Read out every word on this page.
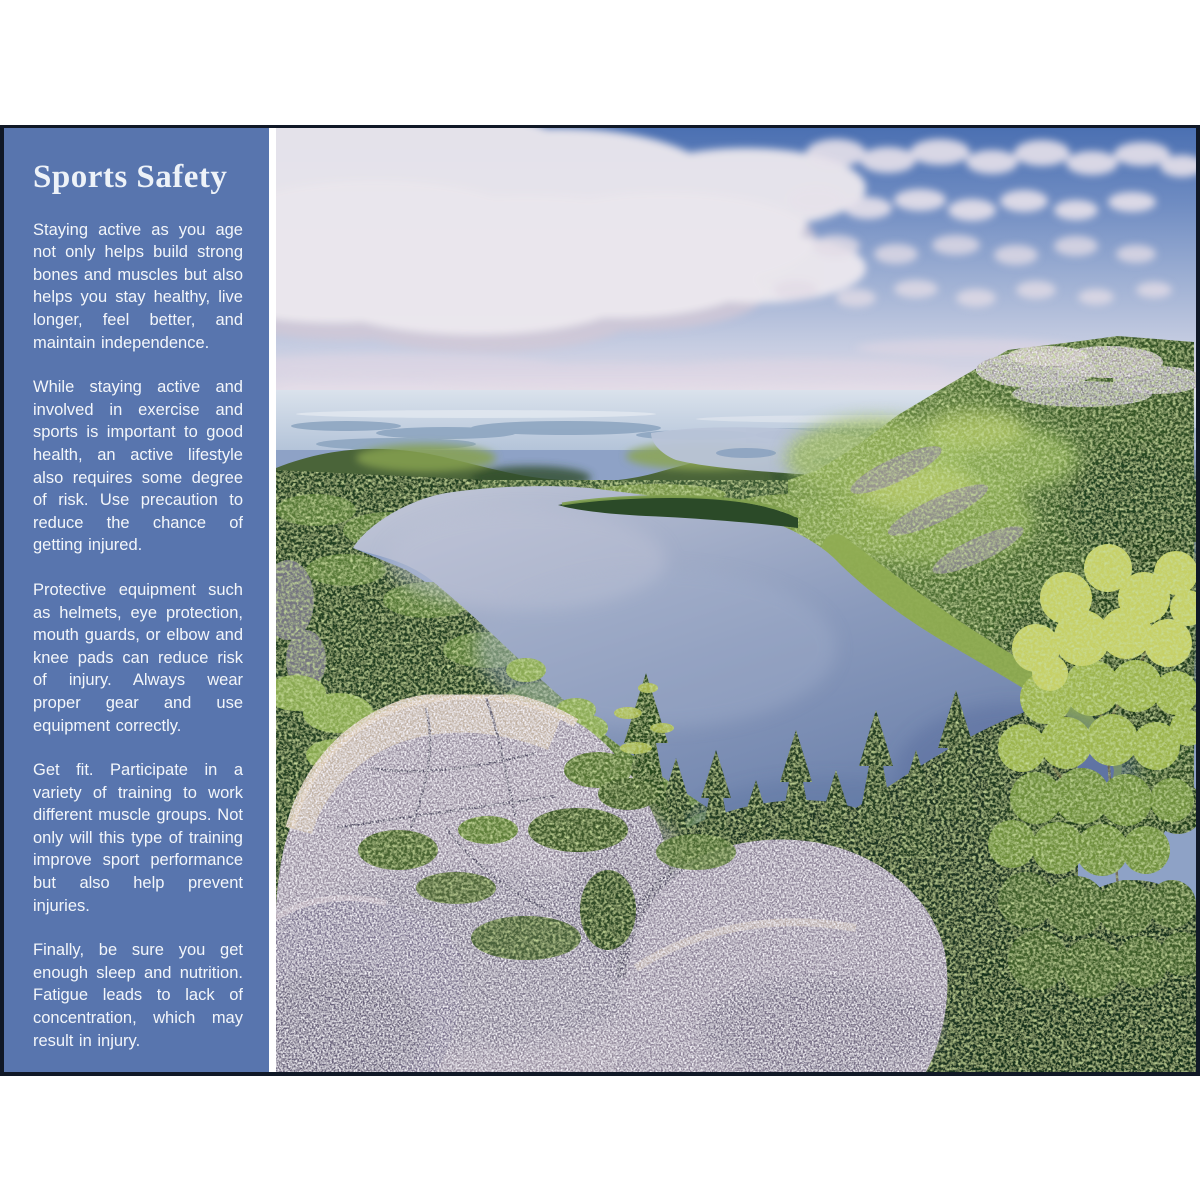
Sports Safety

Staying active as you age not only helps build strong bones and muscles but also helps you stay healthy, live longer, feel better, and maintain independence.

While staying active and involved in exercise and sports is important to good health, an active lifestyle also requires some degree of risk. Use precaution to reduce the chance of getting injured.

Protective equipment such as helmets, eye protection, mouth guards, or elbow and knee pads can reduce risk of injury. Always wear proper gear and use equipment correctly.

Get fit. Participate in a variety of training to work different muscle groups. Not only will this type of training improve sport performance but also help prevent injuries.

Finally, be sure you get enough sleep and nutrition. Fatigue leads to lack of concentration, which may result in injury.
